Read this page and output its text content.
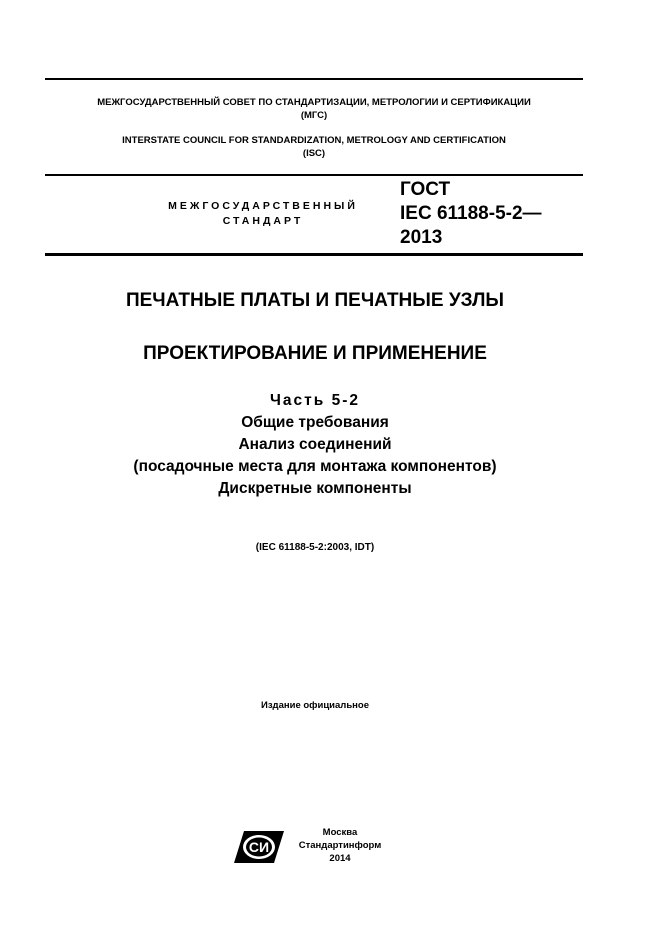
МЕЖГОСУДАРСТВЕННЫЙ СОВЕТ ПО СТАНДАРТИЗАЦИИ, МЕТРОЛОГИИ И СЕРТИФИКАЦИИ
(МГС)
INTERSTATE COUNCIL FOR STANDARDIZATION, METROLOGY AND CERTIFICATION
(ISC)
МЕЖГОСУДАРСТВЕННЫЙ
СТАНДАРТ
ГОСТ
IEC 61188-5-2—
2013
ПЕЧАТНЫЕ ПЛАТЫ И ПЕЧАТНЫЕ УЗЛЫ
ПРОЕКТИРОВАНИЕ И ПРИМЕНЕНИЕ
Часть 5-2
Общие требования
Анализ соединений
(посадочные места для монтажа компонентов)
Дискретные компоненты
(IEC 61188-5-2:2003, IDT)
Издание официальное
СИ
Москва
Стандартинформ
2014
